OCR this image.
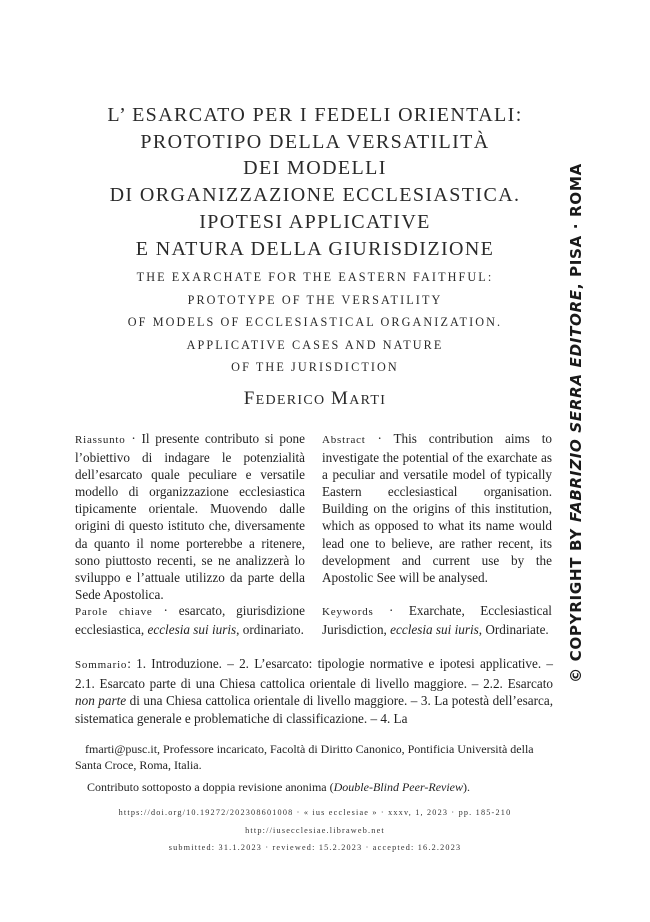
L’ ESARCATO PER I FEDELI ORIENTALI:
PROTOTIPO DELLA VERSATILITÀ
DEI MODELLI
DI ORGANIZZAZIONE ECCLESIASTICA.
IPOTESI APPLICATIVE
E NATURA DELLA GIURISDIZIONE
THE EXARCHATE FOR THE EASTERN FAITHFUL:
PROTOTYPE OF THE VERSATILITY
OF MODELS OF ECCLESIASTICAL ORGANIZATION.
APPLICATIVE CASES AND NATURE
OF THE JURISDICTION
FEDERICO MARTI

Riassunto · Il presente contributo si pone l’obiettivo di indagare le potenzialità dell’esarcato quale peculiare e versatile modello di organizzazione ecclesiastica tipicamente orientale. Muovendo dalle origini di questo istituto che, diversamente da quanto il nome porterebbe a ritenere, sono piuttosto recenti, se ne analizzerà lo sviluppo e l’attuale utilizzo da parte della Sede Apostolica.

Parole chiave · esarcato, giurisdizione ecclesiastica, ecclesia sui iuris, ordinariato.

Abstract · This contribution aims to investigate the potential of the exarchate as a peculiar and versatile model of typically Eastern ecclesiastical organisation. Building on the origins of this institution, which as opposed to what its name would lead one to believe, are rather recent, its development and current use by the Apostolic See will be analysed.

Keywords · Exarchate, Ecclesiastical Jurisdiction, ecclesia sui iuris, Ordinariate.

Sommario: 1. Introduzione. – 2. L’esarcato: tipologie normative e ipotesi applicative. – 2.1. Esarcato parte di una Chiesa cattolica orientale di livello maggiore. – 2.2. Esarcato non parte di una Chiesa cattolica orientale di livello maggiore. – 3. La potestà dell’esarca, sistematica generale e problematiche di classificazione. – 4. La

fmarti@pusc.it, Professore incaricato, Facoltà di Diritto Canonico, Pontificia Università della Santa Croce, Roma, Italia.

Contributo sottoposto a doppia revisione anonima (Double-Blind Peer-Review).

https://doi.org/10.19272/202308601008 · « ius ecclesiae » · xxxv, 1, 2023 · pp. 185-210
http://iusecclesiae.libraweb.net
submitted: 31.1.2023 · reviewed: 15.2.2023 · accepted: 16.2.2023
© COPYRIGHT BY FABRIZIO SERRA EDITORE, PISA · ROMA
